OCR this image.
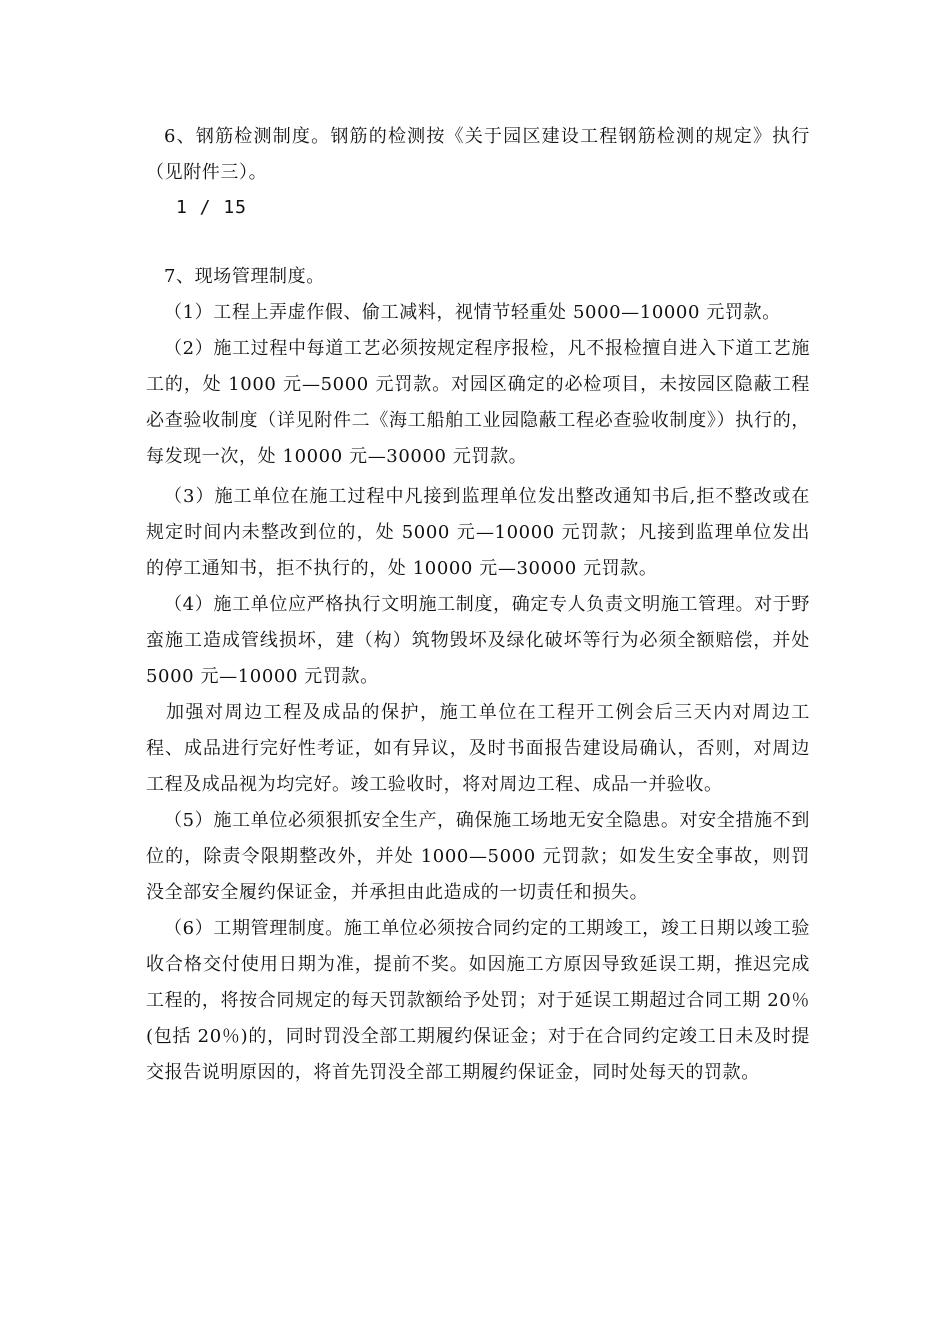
6、钢筋检测制度。钢筋的检测按《关于园区建设工程钢筋检测的规定》执行（见附件三）。

1 / 15

7、现场管理制度。

（1）工程上弄虚作假、偷工减料，视情节轻重处 5000—10000 元罚款。

（2）施工过程中每道工艺必须按规定程序报检，凡不报检擅自进入下道工艺施工的，处 1000 元—5000 元罚款。对园区确定的必检项目，未按园区隐蔽工程必查验收制度（详见附件二《海工船舶工业园隐蔽工程必查验收制度》）执行的，每发现一次，处 10000 元—30000 元罚款。

（3）施工单位在施工过程中凡接到监理单位发出整改通知书后,拒不整改或在规定时间内未整改到位的，处 5000 元—10000 元罚款；凡接到监理单位发出的停工通知书，拒不执行的，处 10000 元—30000 元罚款。

（4）施工单位应严格执行文明施工制度，确定专人负责文明施工管理。对于野蛮施工造成管线损坏，建（构）筑物毁坏及绿化破坏等行为必须全额赔偿，并处 5000 元—10000 元罚款。

加强对周边工程及成品的保护，施工单位在工程开工例会后三天内对周边工程、成品进行完好性考证，如有异议，及时书面报告建设局确认，否则，对周边工程及成品视为均完好。竣工验收时，将对周边工程、成品一并验收。

（5）施工单位必须狠抓安全生产，确保施工场地无安全隐患。对安全措施不到位的，除责令限期整改外，并处 1000—5000 元罚款；如发生安全事故，则罚没全部安全履约保证金，并承担由此造成的一切责任和损失。

（6）工期管理制度。施工单位必须按合同约定的工期竣工，竣工日期以竣工验收合格交付使用日期为准，提前不奖。如因施工方原因导致延误工期，推迟完成工程的，将按合同规定的每天罚款额给予处罚；对于延误工期超过合同工期 20％(包括 20％)的，同时罚没全部工期履约保证金；对于在合同约定竣工日未及时提交报告说明原因的，将首先罚没全部工期履约保证金，同时处每天的罚款。
